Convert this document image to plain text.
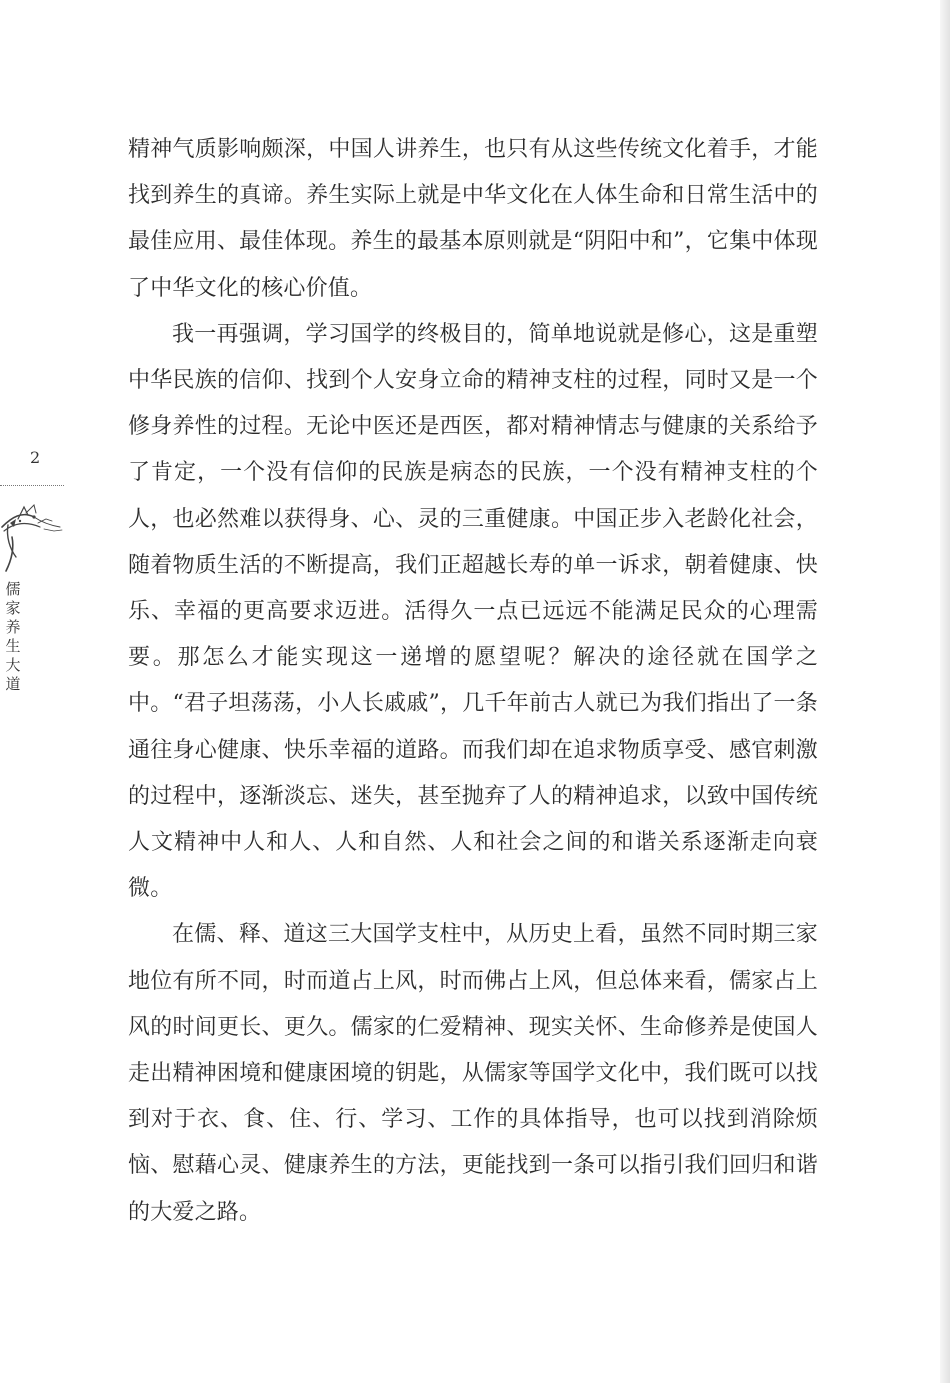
精神气质影响颇深，中国人讲养生，也只有从这些传统文化着手，才能找到养生的真谛。养生实际上就是中华文化在人体生命和日常生活中的最佳应用、最佳体现。养生的最基本原则就是“阴阳中和”，它集中体现了中华文化的核心价值。

我一再强调，学习国学的终极目的，简单地说就是修心，这是重塑中华民族的信仰、找到个人安身立命的精神支柱的过程，同时又是一个修身养性的过程。无论中医还是西医，都对精神情志与健康的关系给予了肯定，一个没有信仰的民族是病态的民族，一个没有精神支柱的个人，也必然难以获得身、心、灵的三重健康。中国正步入老龄化社会，随着物质生活的不断提高，我们正超越长寿的单一诉求，朝着健康、快乐、幸福的更高要求迈进。活得久一点已远远不能满足民众的心理需要。那怎么才能实现这一递增的愿望呢？解决的途径就在国学之中。“君子坦荡荡，小人长戚戚”，几千年前古人就已为我们指出了一条通往身心健康、快乐幸福的道路。而我们却在追求物质享受、感官刺激的过程中，逐渐淡忘、迷失，甚至抛弃了人的精神追求，以致中国传统人文精神中人和人、人和自然、人和社会之间的和谐关系逐渐走向衰微。

在儒、释、道这三大国学支柱中，从历史上看，虽然不同时期三家地位有所不同，时而道占上风，时而佛占上风，但总体来看，儒家占上风的时间更长、更久。儒家的仁爱精神、现实关怀、生命修养是使国人走出精神困境和健康困境的钥匙，从儒家等国学文化中，我们既可以找到对于衣、食、住、行、学习、工作的具体指导，也可以找到消除烦恼、慰藉心灵、健康养生的方法，更能找到一条可以指引我们回归和谐的大爱之路。

2
儒
家
养
生
大
道
